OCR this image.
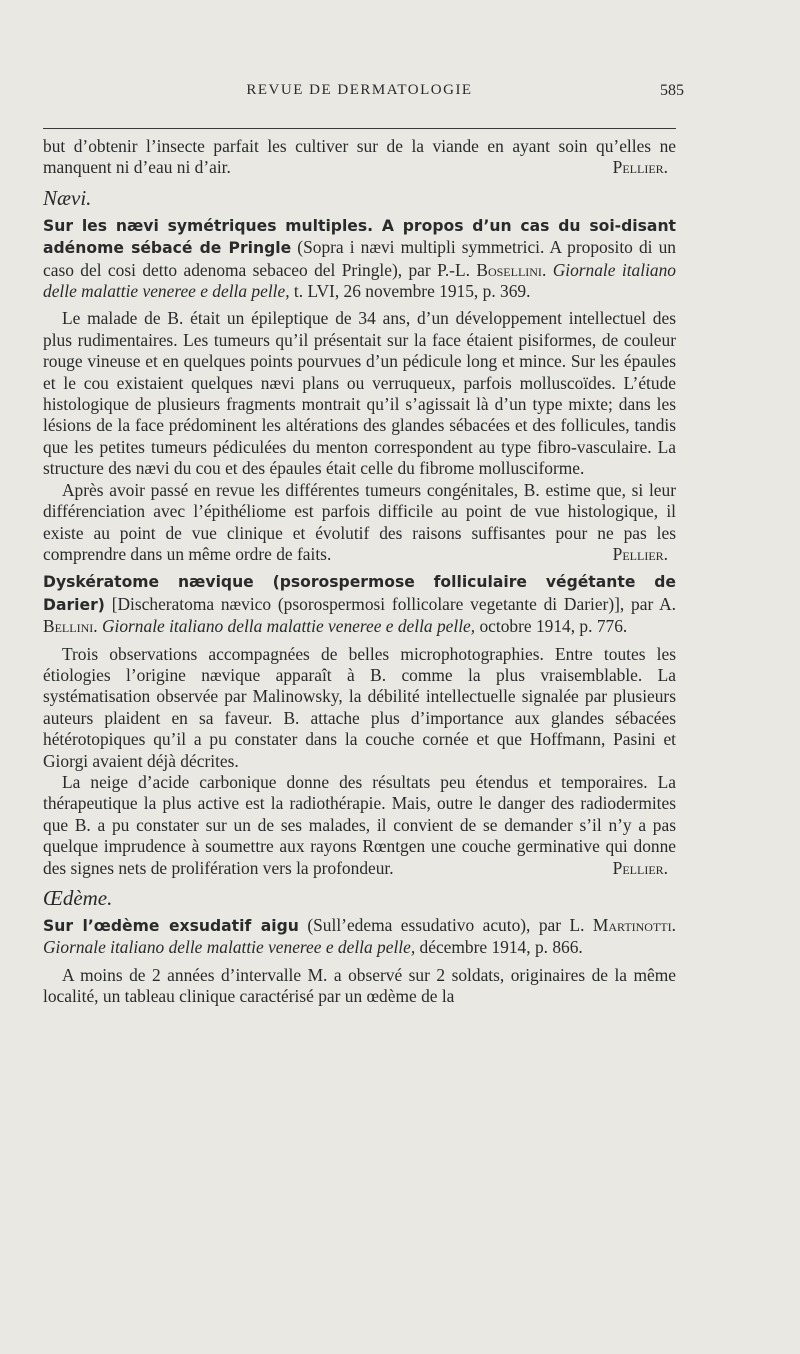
REVUE DE DERMATOLOGIE	585

but d’obtenir l’insecte parfait les cultiver sur de la viande en ayant soin qu’elles ne manquent ni d’eau ni d’air.	Pellier.

Nævi.

Sur les nævi symétriques multiples. A propos d’un cas du soi-disant adénome sébacé de Pringle (Sopra i nævi multipli symmetrici. A proposito di un caso del cosi detto adenoma sebaceo del Pringle), par P.-L. Bosellini. Giornale italiano delle malattie veneree e della pelle, t. LVI, 26 novembre 1915, p. 369.

Le malade de B. était un épileptique de 34 ans, d’un développement intellectuel des plus rudimentaires. Les tumeurs qu’il présentait sur la face étaient pisiformes, de couleur rouge vineuse et en quelques points pourvues d’un pédicule long et mince. Sur les épaules et le cou existaient quelques nævi plans ou verruqueux, parfois molluscoïdes. L’étude histologique de plusieurs fragments montrait qu’il s’agissait là d’un type mixte; dans les lésions de la face prédominent les altérations des glandes sébacées et des follicules, tandis que les petites tumeurs pédiculées du menton correspondent au type fibro-vasculaire. La structure des nævi du cou et des épaules était celle du fibrome mollusciforme.

Après avoir passé en revue les différentes tumeurs congénitales, B. estime que, si leur différenciation avec l’épithéliome est parfois difficile au point de vue histologique, il existe au point de vue clinique et évolutif des raisons suffisantes pour ne pas les comprendre dans un même ordre de faits.	Pellier.

Dyskératome nævique (psorospermose folliculaire végétante de Darier) [Discheratoma nævico (psorospermosi follicolare vegetante di Darier)], par A. Bellini. Giornale italiano della malattie veneree e della pelle, octobre 1914, p. 776.

Trois observations accompagnées de belles microphotographies. Entre toutes les étiologies l’origine nævique apparaît à B. comme la plus vraisemblable. La systématisation observée par Malinowsky, la débilité intellectuelle signalée par plusieurs auteurs plaident en sa faveur. B. attache plus d’importance aux glandes sébacées hétérotopiques qu’il a pu constater dans la couche cornée et que Hoffmann, Pasini et Giorgi avaient déjà décrites.

La neige d’acide carbonique donne des résultats peu étendus et temporaires. La thérapeutique la plus active est la radiothérapie. Mais, outre le danger des radiodermites que B. a pu constater sur un de ses malades, il convient de se demander s’il n’y a pas quelque imprudence à soumettre aux rayons Rœntgen une couche germinative qui donne des signes nets de prolifération vers la profondeur.	Pellier.

Œdème.

Sur l’œdème exsudatif aigu (Sull’edema essudativo acuto), par L. Martinotti. Giornale italiano delle malattie veneree e della pelle, décembre 1914, p. 866.

A moins de 2 années d’intervalle M. a observé sur 2 soldats, originaires de la même localité, un tableau clinique caractérisé par un œdème de la
